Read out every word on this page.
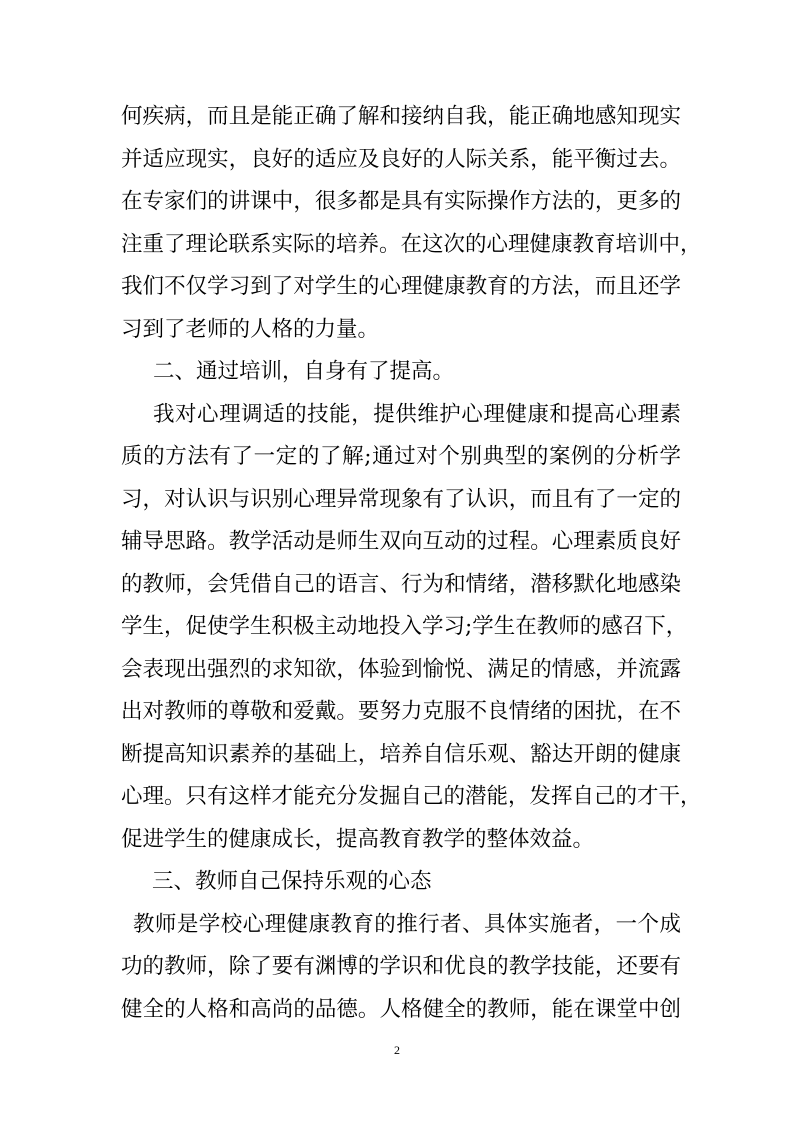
何疾病，而且是能正确了解和接纳自我，能正确地感知现实
并适应现实，良好的适应及良好的人际关系，能平衡过去。
在专家们的讲课中，很多都是具有实际操作方法的，更多的
注重了理论联系实际的培养。在这次的心理健康教育培训中，
我们不仅学习到了对学生的心理健康教育的方法，而且还学
习到了老师的人格的力量。
二、通过培训，自身有了提高。
我对心理调适的技能，提供维护心理健康和提高心理素
质的方法有了一定的了解;通过对个别典型的案例的分析学
习，对认识与识别心理异常现象有了认识，而且有了一定的
辅导思路。教学活动是师生双向互动的过程。心理素质良好
的教师，会凭借自己的语言、行为和情绪，潜移默化地感染
学生，促使学生积极主动地投入学习;学生在教师的感召下，
会表现出强烈的求知欲，体验到愉悦、满足的情感，并流露
出对教师的尊敬和爱戴。要努力克服不良情绪的困扰，在不
断提高知识素养的基础上，培养自信乐观、豁达开朗的健康
心理。只有这样才能充分发掘自己的潜能，发挥自己的才干，
促进学生的健康成长，提高教育教学的整体效益。
三、教师自己保持乐观的心态
教师是学校心理健康教育的推行者、具体实施者，一个成
功的教师，除了要有渊博的学识和优良的教学技能，还要有
健全的人格和高尚的品德。人格健全的教师，能在课堂中创
2
